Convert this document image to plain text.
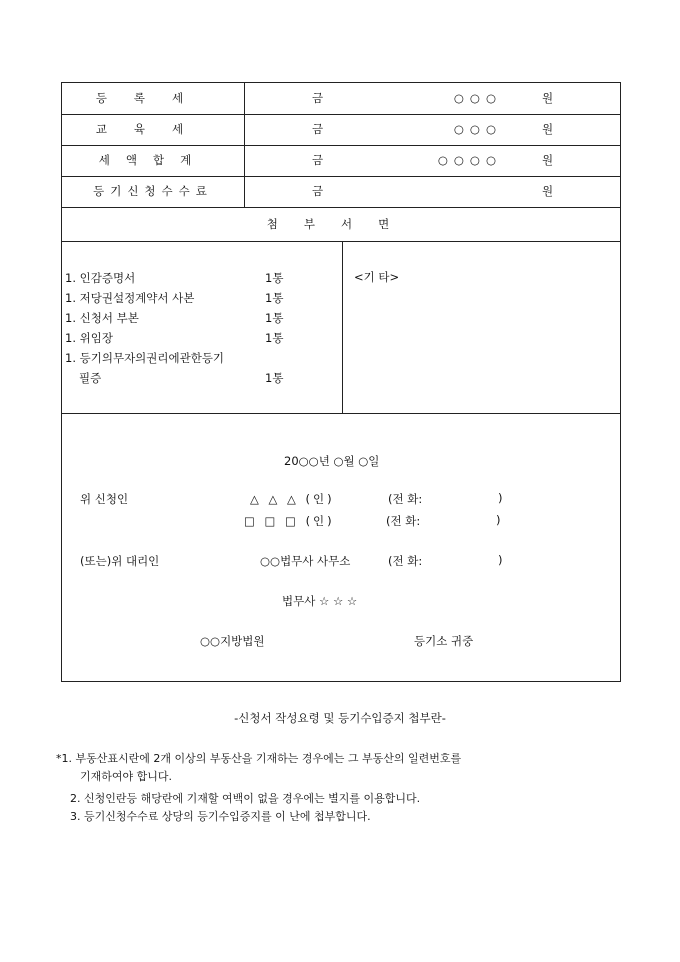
등록세	금	○○○	원
교육세	금	○○○	원
세액합계	금	○○○○	원
등기신청수수료	금	원
첨부서면
1. 인감증명서	1통
1. 저당권설정계약서 사본	1통
1. 신청서 부본	1통
1. 위임장	1통
1. 등기의무자의권리에관한등기
필증	1통
<기 타>
20○○년 ○월 ○일
위 신청인	△ △ △ (인)	(전 화:	)
□ □ □ (인)	(전 화:	)
(또는)위 대리인	○○법무사 사무소	(전 화:	)
법무사 ☆ ☆ ☆
○○지방법원	등기소 귀중
-신청서 작성요령 및 등기수입증지 첩부란-
*1. 부동산표시란에 2개 이상의 부동산을 기재하는 경우에는 그 부동산의 일련번호를
기재하여야 합니다.
2. 신청인란등 해당란에 기재할 여백이 없을 경우에는 별지를 이용합니다.
3. 등기신청수수료 상당의 등기수입증지를 이 난에 첩부합니다.
